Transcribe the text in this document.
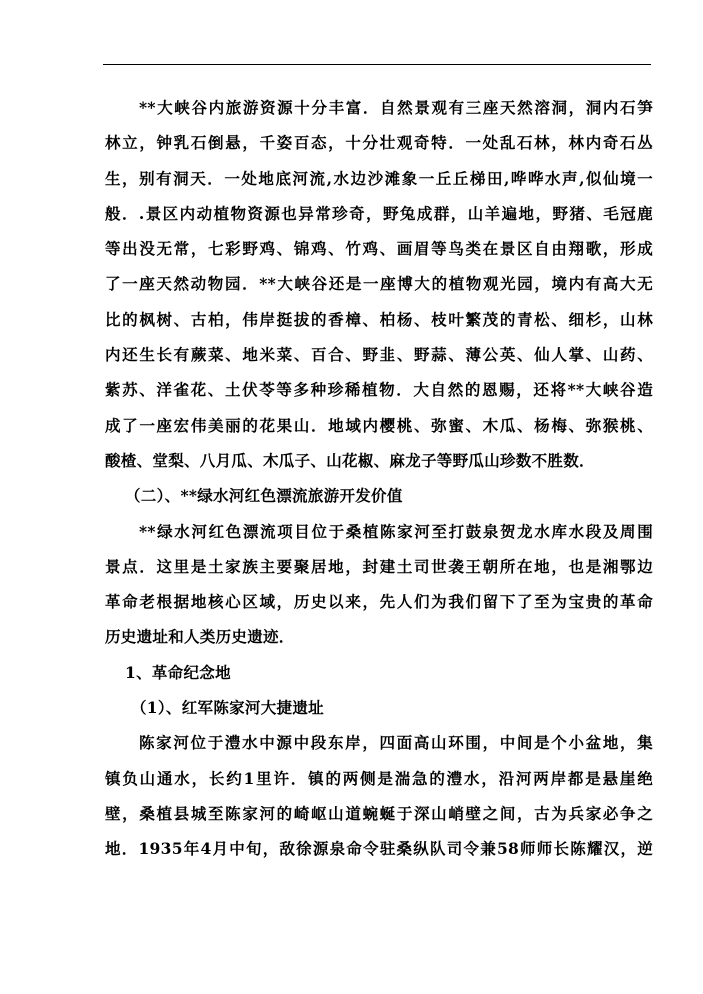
**大峡谷内旅游资源十分丰富．自然景观有三座天然溶洞，洞内石笋

林立，钟乳石倒悬，千姿百态，十分壮观奇特．一处乱石林，林内奇石丛

生，别有洞天．一处地底河流,水边沙滩象一丘丘梯田,哗哗水声,似仙境一

般．.景区内动植物资源也异常珍奇，野兔成群，山羊遍地，野猪、毛冠鹿

等出没无常，七彩野鸡、锦鸡、竹鸡、画眉等鸟类在景区自由翔歌，形成

了一座天然动物园．**大峡谷还是一座博大的植物观光园，境内有高大无

比的枫树、古柏，伟岸挺拔的香樟、柏杨、枝叶繁茂的青松、细杉，山林

内还生长有蕨菜、地米菜、百合、野韭、野蒜、薄公英、仙人掌、山药、

紫苏、洋雀花、土伏苓等多种珍稀植物．大自然的恩赐，还将**大峡谷造

成了一座宏伟美丽的花果山．地域内樱桃、弥蜜、木瓜、杨梅、弥猴桃、

酸楂、堂梨、八月瓜、木瓜子、山花椒、麻龙子等野瓜山珍数不胜数．

（二）、**绿水河红色漂流旅游开发价值

**绿水河红色漂流项目位于桑植陈家河至打鼓泉贺龙水库水段及周围

景点．这里是土家族主要聚居地，封建土司世袭王朝所在地，也是湘鄂边

革命老根据地核心区域，历史以来，先人们为我们留下了至为宝贵的革命

历史遗址和人类历史遗迹．

1、革命纪念地

（1）、红军陈家河大捷遗址

陈家河位于澧水中源中段东岸，四面高山环围，中间是个小盆地，集

镇负山通水，长约1里许．镇的两侧是湍急的澧水，沿河两岸都是悬崖绝

壁，桑植县城至陈家河的崎岖山道蜿蜒于深山峭壁之间，古为兵家必争之

地．1935年4月中旬，敌徐源泉命令驻桑纵队司令兼58师师长陈耀汉，逆
